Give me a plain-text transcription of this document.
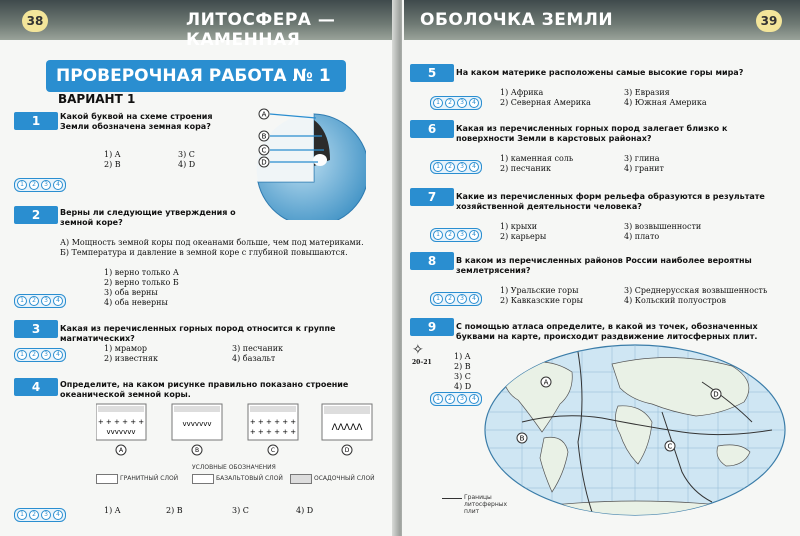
38	ЛИТОСФЕРА — КАМЕННАЯ
ПРОВЕРОЧНАЯ РАБОТА № 1
ВАРИАНТ 1
1	Какой буквой на схеме строения Земли обозначена земная кора?
1) A
2) B
3) C
4) D
1	2	3	4
A
B
C
D
2	Верны ли следующие утверждения о земной коре?
А) Мощность земной коры под океанами больше, чем под материками.
Б) Температура и давление в земной коре с глубиной повышаются.
1) верно только А
2) верно только Б
3) оба верны
4) оба неверны
1	2	3	4
3	Какая из перечисленных горных пород относится к группе магматических?
1) мрамор
2) известняк
3) песчаник
4) базальт
1	2	3	4
4	Определите, на каком рисунке правильно показано строение океанической земной коры.
+ + + + + +
vvvvvvv
A
vvvvvvv
B
+ + + + + +
+ + + + + +
C
ΛΛΛΛΛ
D
УСЛОВНЫЕ ОБОЗНАЧЕНИЯ
ГРАНИТНЫЙ СЛОЙ	БАЗАЛЬТОВЫЙ СЛОЙ	ОСАДОЧНЫЙ СЛОЙ
1) A	2) B	3) C	4) D
1	2	3	4
ОБОЛОЧКА ЗЕМЛИ	39
5	На каком материке расположены самые высокие горы мира?
1) Африка
2) Северная Америка
3) Евразия
4) Южная Америка
1	2	3	4
6	Какая из перечисленных горных пород залегает близко к поверхности Земли в карстовых районах?
1) каменная соль
2) песчаник
3) глина
4) гранит
1	2	3	4
7	Какие из перечисленных форм рельефа образуются в результате хозяйственной деятельности человека?
1) крыхи
2) карьеры
3) возвышенности
4) плато
1	2	3	4
8	В каком из перечисленных районов России наиболее вероятны землетрясения?
1) Уральские горы
2) Кавказские горы
3) Среднерусская возвышенность
4) Кольский полуостров
1	2	3	4
9	С помощью атласа определите, в какой из точек, обозначенных буквами на карте, происходит раздвижение литосферных плит.
✧
20–21
1) A
2) B
3) C
4) D
1	2	3	4
A
B
C
D
Границы литосферных плит
